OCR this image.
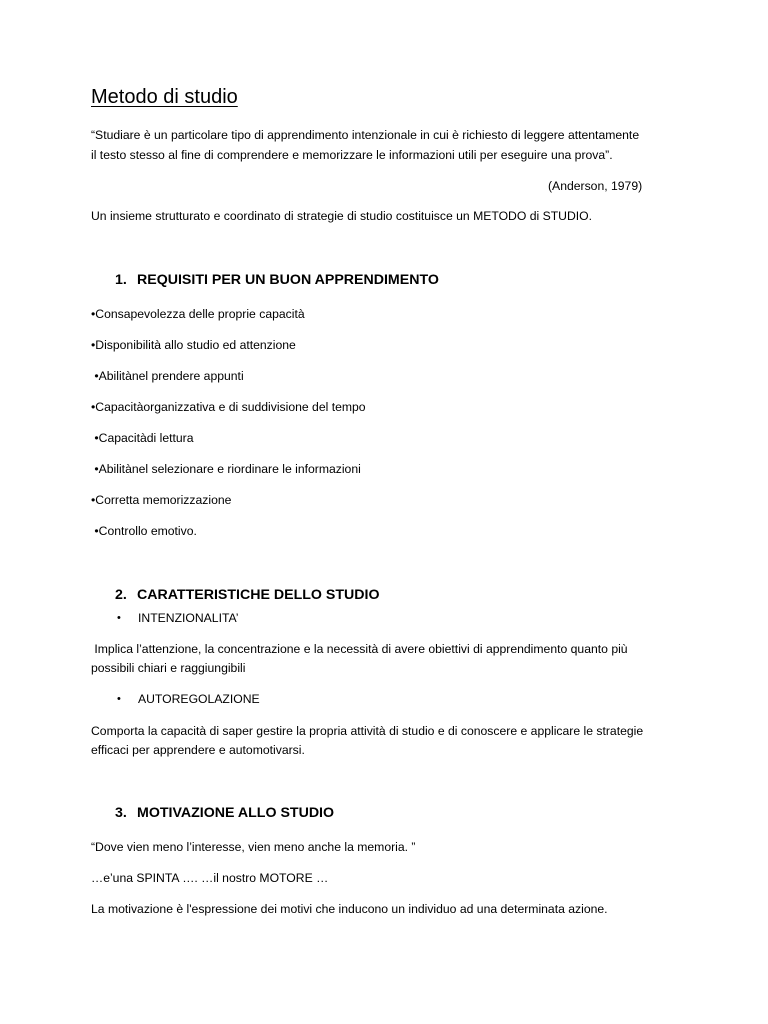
Metodo di studio

“Studiare è un particolare tipo di apprendimento intenzionale in cui è richiesto di leggere attentamente

il testo stesso al fine di comprendere e memorizzare le informazioni utili per eseguire una prova”.

(Anderson, 1979)

Un insieme strutturato e coordinato di strategie di studio costituisce un METODO di STUDIO.

1. REQUISITI PER UN BUON APPRENDIMENTO

•Consapevolezza delle proprie capacità

•Disponibilità allo studio ed attenzione

•Abilitànel prendere appunti

•Capacitàorganizzativa e di suddivisione del tempo

•Capacitàdi lettura

•Abilitànel selezionare e riordinare le informazioni

•Corretta memorizzazione

•Controllo emotivo.

2. CARATTERISTICHE DELLO STUDIO
• INTENZIONALITA’

Implica l’attenzione, la concentrazione e la necessità di avere obiettivi di apprendimento quanto più

possibili chiari e raggiungibili

• AUTOREGOLAZIONE

Comporta la capacità di saper gestire la propria attività di studio e di conoscere e applicare le strategie

efficaci per apprendere e automotivarsi.

3. MOTIVAZIONE ALLO STUDIO

“Dove vien meno l’interesse, vien meno anche la memoria. ”

…e’una SPINTA …. …il nostro MOTORE …

La motivazione è l'espressione dei motivi che inducono un individuo ad una determinata azione.
